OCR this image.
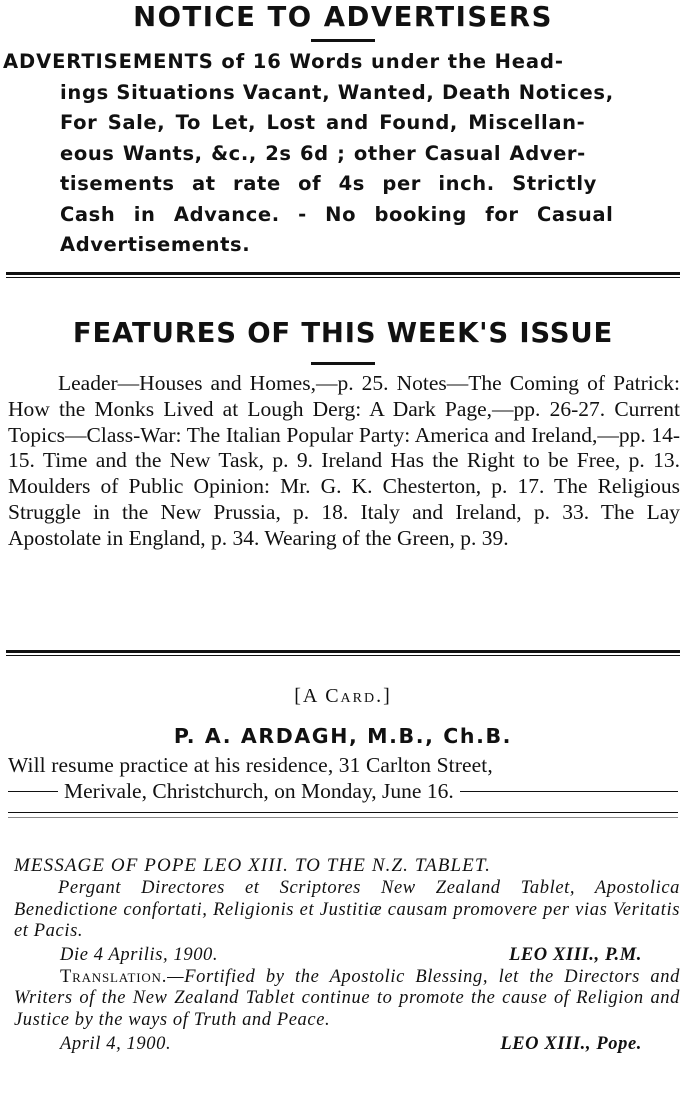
NOTICE TO ADVERTISERS

ADVERTISEMENTS of 16 Words under the Head-

ings Situations Vacant, Wanted, Death Notices,

For Sale, To Let, Lost and Found, Miscellan-

eous Wants, &c., 2s 6d ; other Casual Adver-

tisements at rate of 4s per inch. Strictly

Cash in Advance. - No booking for Casual

Advertisements.

FEATURES OF THIS WEEK'S ISSUE
Leader—Houses and Homes,—p. 25. Notes—The Coming of Patrick: How the Monks Lived at Lough Derg: A Dark Page,—pp. 26-27. Current Topics—Class-War: The Italian Popular Party: America and Ireland,—pp. 14-15. Time and the New Task, p. 9. Ireland Has the Right to be Free, p. 13. Moulders of Public Opinion: Mr. G. K. Chesterton, p. 17. The Religious Struggle in the New Prussia, p. 18. Italy and Ireland, p. 33. The Lay Apostolate in England, p. 34. Wearing of the Green, p. 39.
[A Card.]
P. A. ARDAGH, M.B., Ch.B.
Will resume practice at his residence, 31 Carlton Street,
Merivale, Christchurch, on Monday, June 16.
MESSAGE OF POPE LEO XIII. TO THE N.Z. TABLET.
Pergant Directores et Scriptores New Zealand Tablet, Apostolica Benedictione confortati, Religionis et Justitiæ causam promovere per vias Veritatis et Pacis.
Die 4 Aprilis, 1900.	LEO XIII., P.M.
Translation.—Fortified by the Apostolic Blessing, let the Directors and Writers of the New Zealand Tablet continue to promote the cause of Religion and Justice by the ways of Truth and Peace.
April 4, 1900.	LEO XIII., Pope.
